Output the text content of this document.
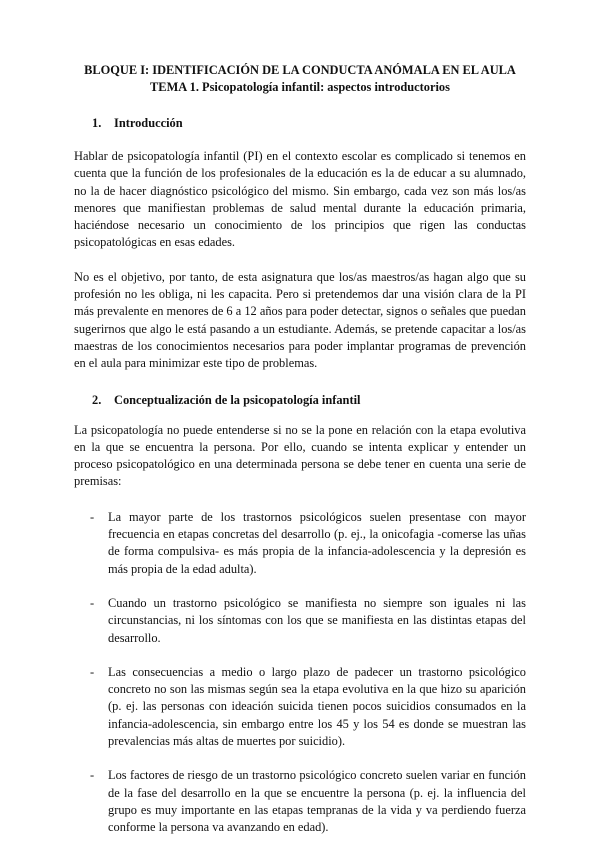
BLOQUE I: IDENTIFICACIÓN DE LA CONDUCTA ANÓMALA EN EL AULA
TEMA 1. Psicopatología infantil: aspectos introductorios
1.	Introducción

Hablar de psicopatología infantil (PI) en el contexto escolar es complicado si tenemos en cuenta que la función de los profesionales de la educación es la de educar a su alumnado, no la de hacer diagnóstico psicológico del mismo. Sin embargo, cada vez son más los/as menores que manifiestan problemas de salud mental durante la educación primaria, haciéndose necesario un conocimiento de los principios que rigen las conductas psicopatológicas en esas edades.

No es el objetivo, por tanto, de esta asignatura que los/as maestros/as hagan algo que su profesión no les obliga, ni les capacita. Pero si pretendemos dar una visión clara de la PI más prevalente en menores de 6 a 12 años para poder detectar, signos o señales que puedan sugerirnos que algo le está pasando a un estudiante. Además, se pretende capacitar a los/as maestras de los conocimientos necesarios para poder implantar programas de prevención en el aula para minimizar este tipo de problemas.

2.	Conceptualización de la psicopatología infantil

La psicopatología no puede entenderse si no se la pone en relación con la etapa evolutiva en la que se encuentra la persona. Por ello, cuando se intenta explicar y entender un proceso psicopatológico en una determinada persona se debe tener en cuenta una serie de premisas:

- La mayor parte de los trastornos psicológicos suelen presentase con mayor frecuencia en etapas concretas del desarrollo (p. ej., la onicofagia -comerse las uñas de forma compulsiva- es más propia de la infancia-adolescencia y la depresión es más propia de la edad adulta).
- Cuando un trastorno psicológico se manifiesta no siempre son iguales ni las circunstancias, ni los síntomas con los que se manifiesta en las distintas etapas del desarrollo.
- Las consecuencias a medio o largo plazo de padecer un trastorno psicológico concreto no son las mismas según sea la etapa evolutiva en la que hizo su aparición (p. ej. las personas con ideación suicida tienen pocos suicidios consumados en la infancia-adolescencia, sin embargo entre los 45 y los 54 es donde se muestran las prevalencias más altas de muertes por suicidio).
- Los factores de riesgo de un trastorno psicológico concreto suelen variar en función de la fase del desarrollo en la que se encuentre la persona (p. ej. la influencia del grupo es muy importante en las etapas tempranas de la vida y va perdiendo fuerza conforme la persona va avanzando en edad).
